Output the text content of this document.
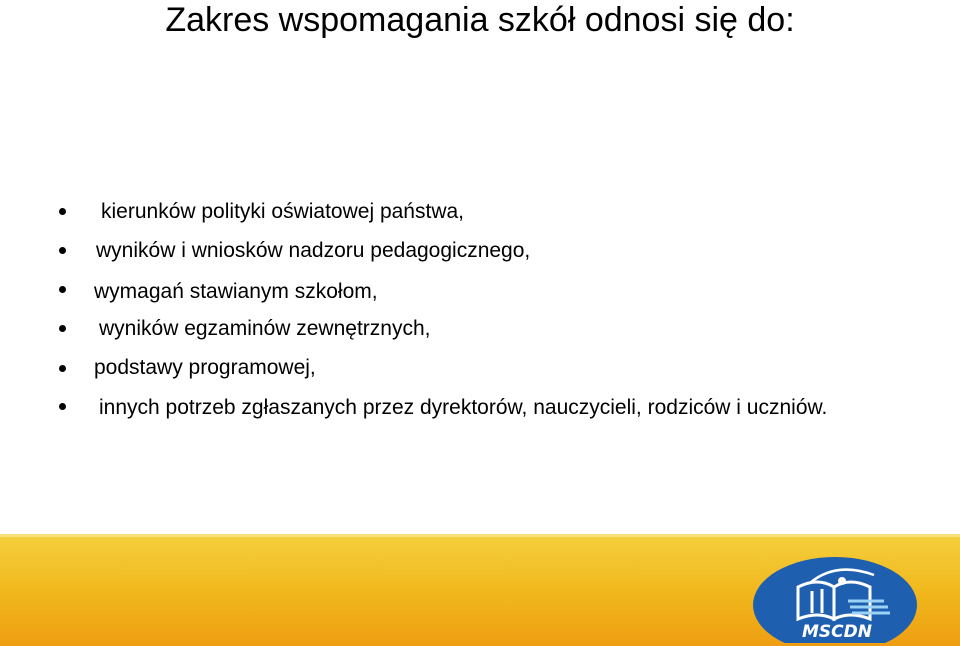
Zakres wspomagania szkół odnosi się do:
kierunków polityki oświatowej państwa,
wyników i wniosków nadzoru pedagogicznego,
wymagań stawianym szkołom,
wyników egzaminów zewnętrznych,
podstawy programowej,
innych potrzeb zgłaszanych przez dyrektorów, nauczycieli, rodziców i uczniów.
MSCDN
